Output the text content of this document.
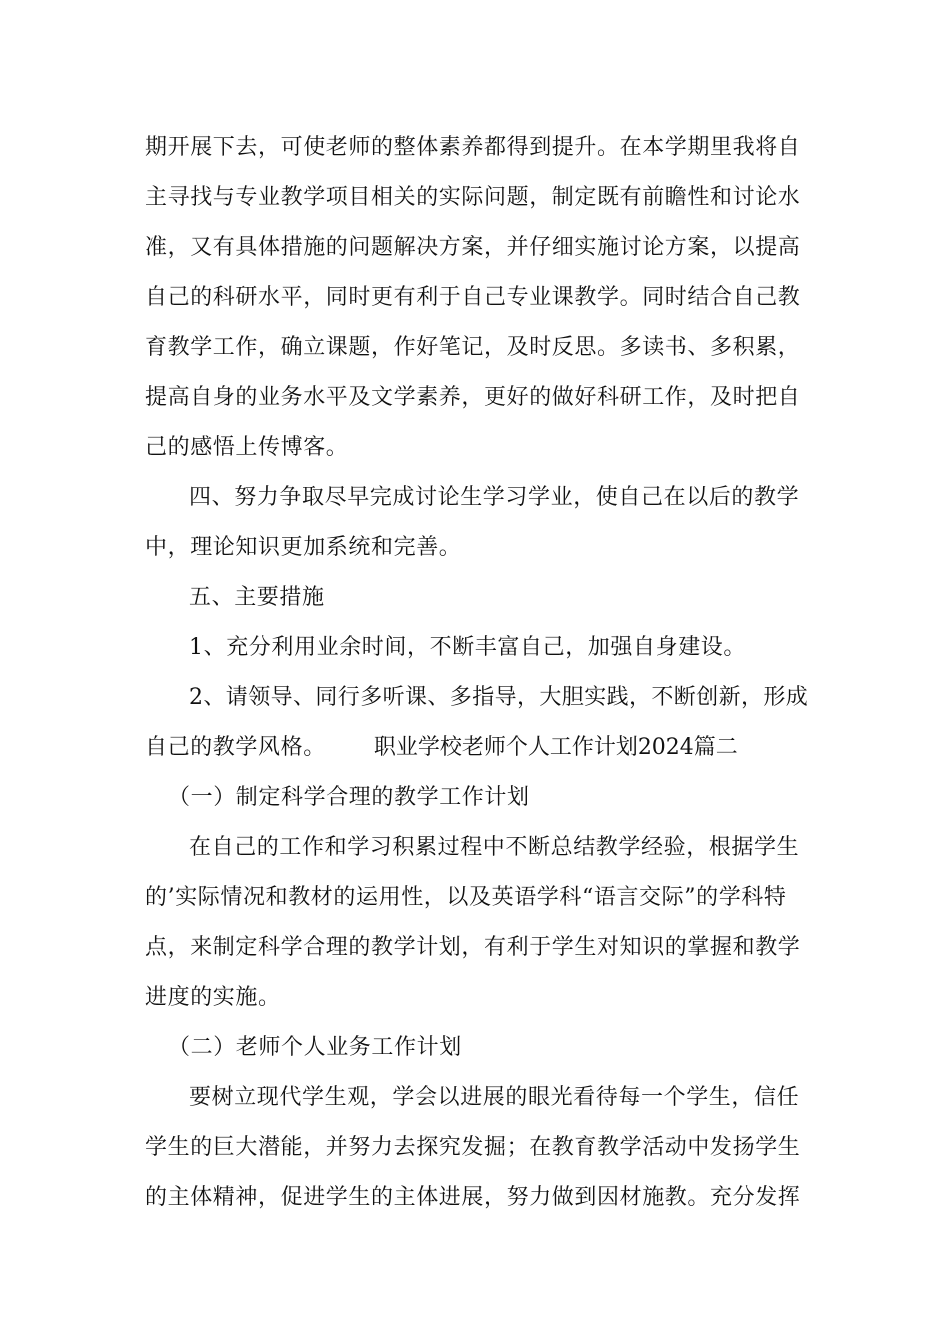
期开展下去，可使老师的整体素养都得到提升。在本学期里我将自
主寻找与专业教学项目相关的实际问题，制定既有前瞻性和讨论水
准，又有具体措施的问题解决方案，并仔细实施讨论方案，以提高
自己的科研水平，同时更有利于自己专业课教学。同时结合自己教
育教学工作，确立课题，作好笔记，及时反思。多读书、多积累，
提高自身的业务水平及文学素养，更好的做好科研工作，及时把自
己的感悟上传博客。
四、努力争取尽早完成讨论生学习学业，使自己在以后的教学
中，理论知识更加系统和完善。
五、主要措施
1、充分利用业余时间，不断丰富自己，加强自身建设。
2、请领导、同行多听课、多指导，大胆实践，不断创新，形成
自己的教学风格。 职业学校老师个人工作计划2024篇二
（一）制定科学合理的教学工作计划
在自己的工作和学习积累过程中不断总结教学经验，根据学生
的’实际情况和教材的运用性，以及英语学科“语言交际”的学科特
点，来制定科学合理的教学计划，有利于学生对知识的掌握和教学
进度的实施。
（二）老师个人业务工作计划
要树立现代学生观，学会以进展的眼光看待每一个学生，信任
学生的巨大潜能，并努力去探究发掘；在教育教学活动中发扬学生
的主体精神，促进学生的主体进展，努力做到因材施教。充分发挥
